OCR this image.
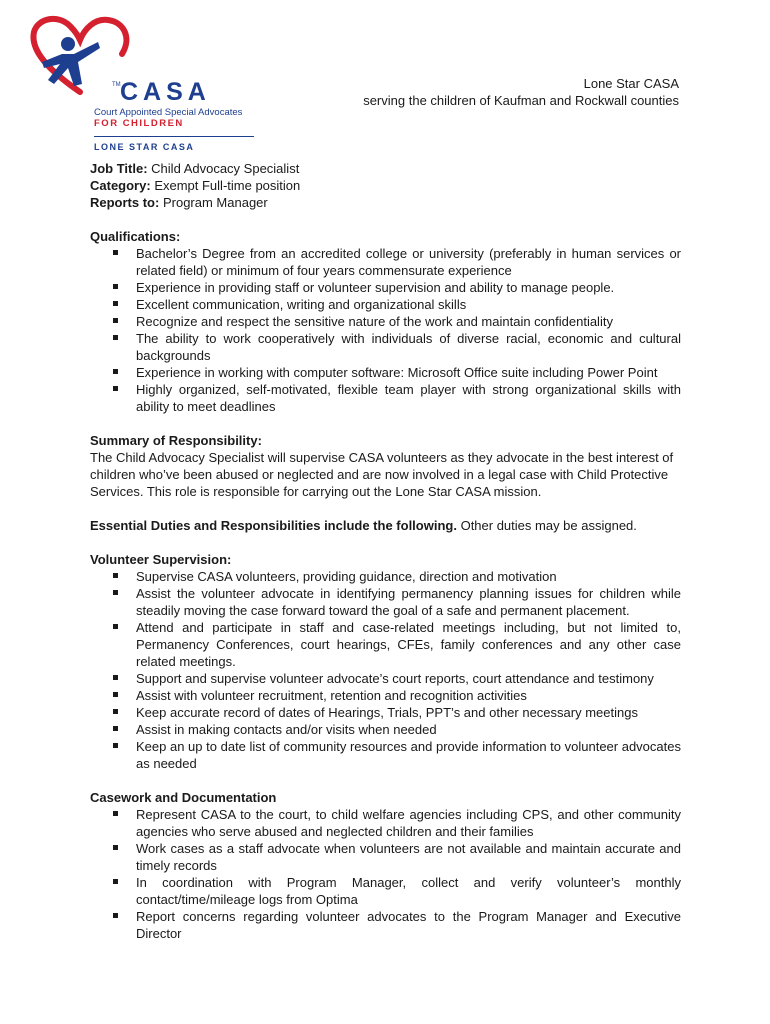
TM CASA
Court Appointed Special Advocates
FOR CHILDREN
LONE STAR CASA
Lone Star CASA
serving the children of Kaufman and Rockwall counties

Job Title: Child Advocacy Specialist

Category: Exempt Full-time position

Reports to: Program Manager

Qualifications:

Bachelor’s Degree from an accredited college or university (preferably in human services or related field) or minimum of four years commensurate experience
Experience in providing staff or volunteer supervision and ability to manage people.
Excellent communication, writing and organizational skills
Recognize and respect the sensitive nature of the work and maintain confidentiality
The ability to work cooperatively with individuals of diverse racial, economic and cultural backgrounds
Experience in working with computer software: Microsoft Office suite including Power Point
Highly organized, self-motivated, flexible team player with strong organizational skills with ability to meet deadlines

Summary of Responsibility:

The Child Advocacy Specialist will supervise CASA volunteers as they advocate in the best interest of children who’ve been abused or neglected and are now involved in a legal case with Child Protective Services. This role is responsible for carrying out the Lone Star CASA mission.

Essential Duties and Responsibilities include the following. Other duties may be assigned.

Volunteer Supervision:

Supervise CASA volunteers, providing guidance, direction and motivation
Assist the volunteer advocate in identifying permanency planning issues for children while steadily moving the case forward toward the goal of a safe and permanent placement.
Attend and participate in staff and case-related meetings including, but not limited to, Permanency Conferences, court hearings, CFEs, family conferences and any other case related meetings.
Support and supervise volunteer advocate’s court reports, court attendance and testimony
Assist with volunteer recruitment, retention and recognition activities
Keep accurate record of dates of Hearings, Trials, PPT’s and other necessary meetings
Assist in making contacts and/or visits when needed
Keep an up to date list of community resources and provide information to volunteer advocates as needed

Casework and Documentation

Represent CASA to the court, to child welfare agencies including CPS, and other community agencies who serve abused and neglected children and their families
Work cases as a staff advocate when volunteers are not available and maintain accurate and timely records
In coordination with Program Manager, collect and verify volunteer’s monthly contact/time/mileage logs from Optima
Report concerns regarding volunteer advocates to the Program Manager and Executive Director
